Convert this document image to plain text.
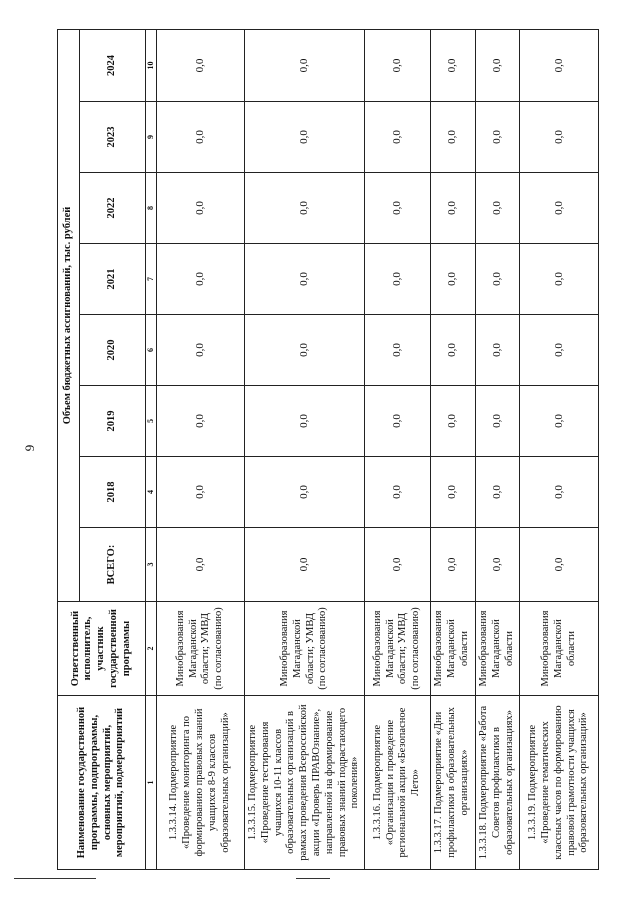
9
Наименование государственной программы, подпрограммы, основных мероприятий, мероприятий, подмероприятий	Ответственный исполнитель, участник государственной программы	Объем бюджетных ассигнований, тыс. рублей							
		ВСЕГО:	2018	2019	2020	2021	2022	2023	2024
1	2	3	4	5	6	7	8	9	10
1.3.3.14. Подмероприятие «Проведение мониторинга по формированию правовых знаний учащихся 8-9 классов образовательных организаций»	Минобразования Магаданской области; УМВД (по согласованию)	0,0	0,0	0,0	0,0	0,0	0,0	0,0	0,0
1.3.3.15. Подмероприятие «Проведение тестирования учащихся 10-11 классов образовательных организаций в рамках проведения Всероссийской акции «Проверь ПРАВОзнание», направленной на формирование правовых знаний подрастающего поколения»	Минобразования Магаданской области; УМВД (по согласованию)	0,0	0,0	0,0	0,0	0,0	0,0	0,0	0,0
1.3.3.16. Подмероприятие «Организация и проведение региональной акции «Безопасное Лето»	Минобразования Магаданской области; УМВД (по согласованию)	0,0	0,0	0,0	0,0	0,0	0,0	0,0	0,0
1.3.3.17. Подмероприятие «Дни профилактики в образовательных организациях»	Минобразования Магаданской области	0,0	0,0	0,0	0,0	0,0	0,0	0,0	0,0
1.3.3.18. Подмероприятие «Работа Советов профилактики в образовательных организациях»	Минобразования Магаданской области	0,0	0,0	0,0	0,0	0,0	0,0	0,0	0,0
1.3.3.19. Подмероприятие «Проведение тематических классных часов по формированию правовой грамотности учащихся образовательных организаций»	Минобразования Магаданской области	0,0	0,0	0,0	0,0	0,0	0,0	0,0	0,0
